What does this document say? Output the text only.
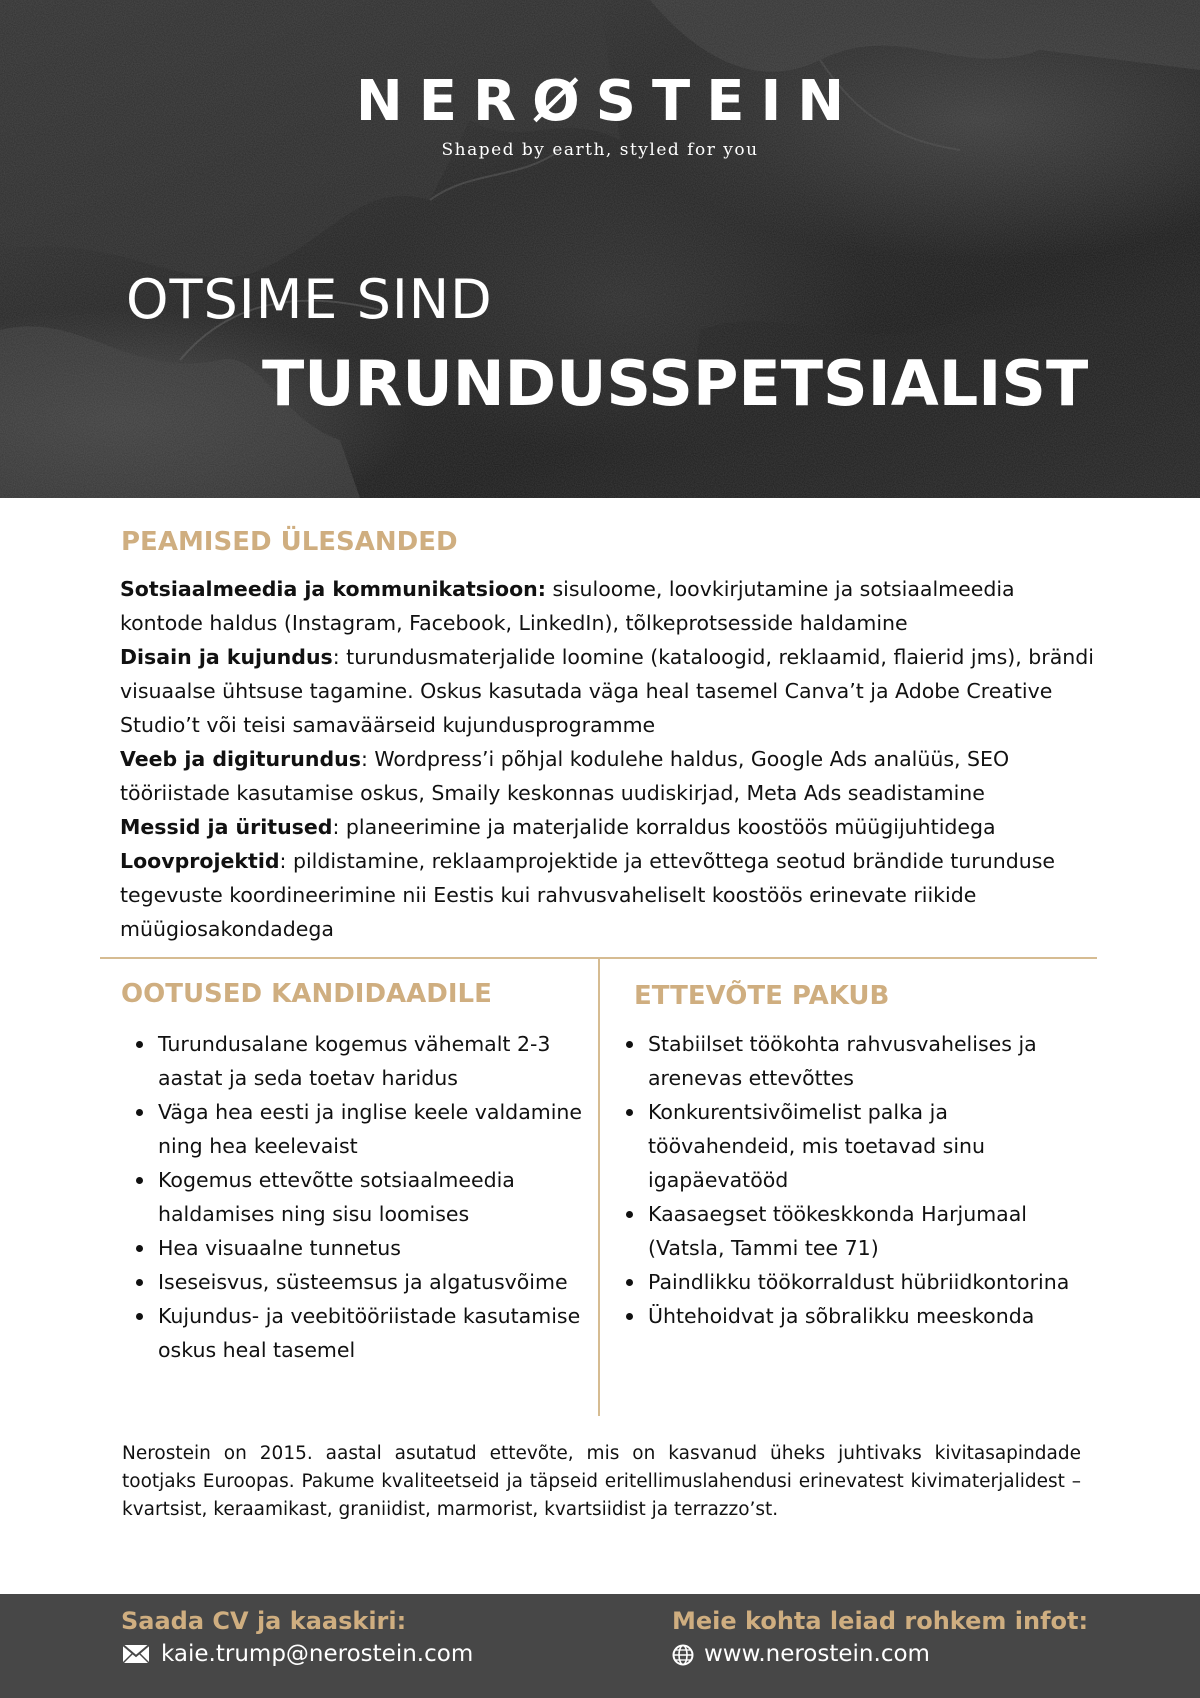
NERØSTEIN
Shaped by earth, styled for you
OTSIME SIND
TURUNDUSSPETSIALIST
PEAMISED ÜLESANDED

Sotsiaalmeedia ja kommunikatsioon: sisuloome, loovkirjutamine ja sotsiaalmeedia kontode haldus (Instagram, Facebook, LinkedIn), tõlkeprotsesside haldamine

Disain ja kujundus: turundusmaterjalide loomine (kataloogid, reklaamid, flaierid jms), brändi visuaalse ühtsuse tagamine. Oskus kasutada väga heal tasemel Canva’t ja Adobe Creative Studio’t või teisi samaväärseid kujundusprogramme

Veeb ja digiturundus: Wordpress’i põhjal kodulehe haldus, Google Ads analüüs, SEO tööriistade kasutamise oskus, Smaily keskonnas uudiskirjad, Meta Ads seadistamine

Messid ja üritused: planeerimine ja materjalide korraldus koostöös müügijuhtidega

Loovprojektid: pildistamine, reklaamprojektide ja ettevõttega seotud brändide turunduse tegevuste koordineerimine nii Eestis kui rahvusvaheliselt koostöös erinevate riikide müügiosakondadega

OOTUSED KANDIDAADILE
Turundusalane kogemus vähemalt 2-3 aastat ja seda toetav haridus
Väga hea eesti ja inglise keele valdamine ning hea keelevaist
Kogemus ettevõtte sotsiaalmeedia haldamises ning sisu loomises
Hea visuaalne tunnetus
Iseseisvus, süsteemsus ja algatusvõime
Kujundus- ja veebitööriistade kasutamise oskus heal tasemel
ETTEVÕTE PAKUB
Stabiilset töökohta rahvusvahelises ja arenevas ettevõttes
Konkurentsivõimelist palka ja töövahendeid, mis toetavad sinu igapäevatööd
Kaasaegset töökeskkonda Harjumaal (Vatsla, Tammi tee 71)
Paindlikku töökorraldust hübriidkontorina
Ühtehoidvat ja sõbralikku meeskonda
Nerostein on 2015. aastal asutatud ettevõte, mis on kasvanud üheks juhtivaks kivitasapindade tootjaks Euroopas. Pakume kvaliteetseid ja täpseid eritellimuslahendusi erinevatest kivimaterjalidest – kvartsist, keraamikast, graniidist, marmorist, kvartsiidist ja terrazzo’st.
Saada CV ja kaaskiri:
kaie.trump@nerostein.com
Meie kohta leiad rohkem infot:
www.nerostein.com
